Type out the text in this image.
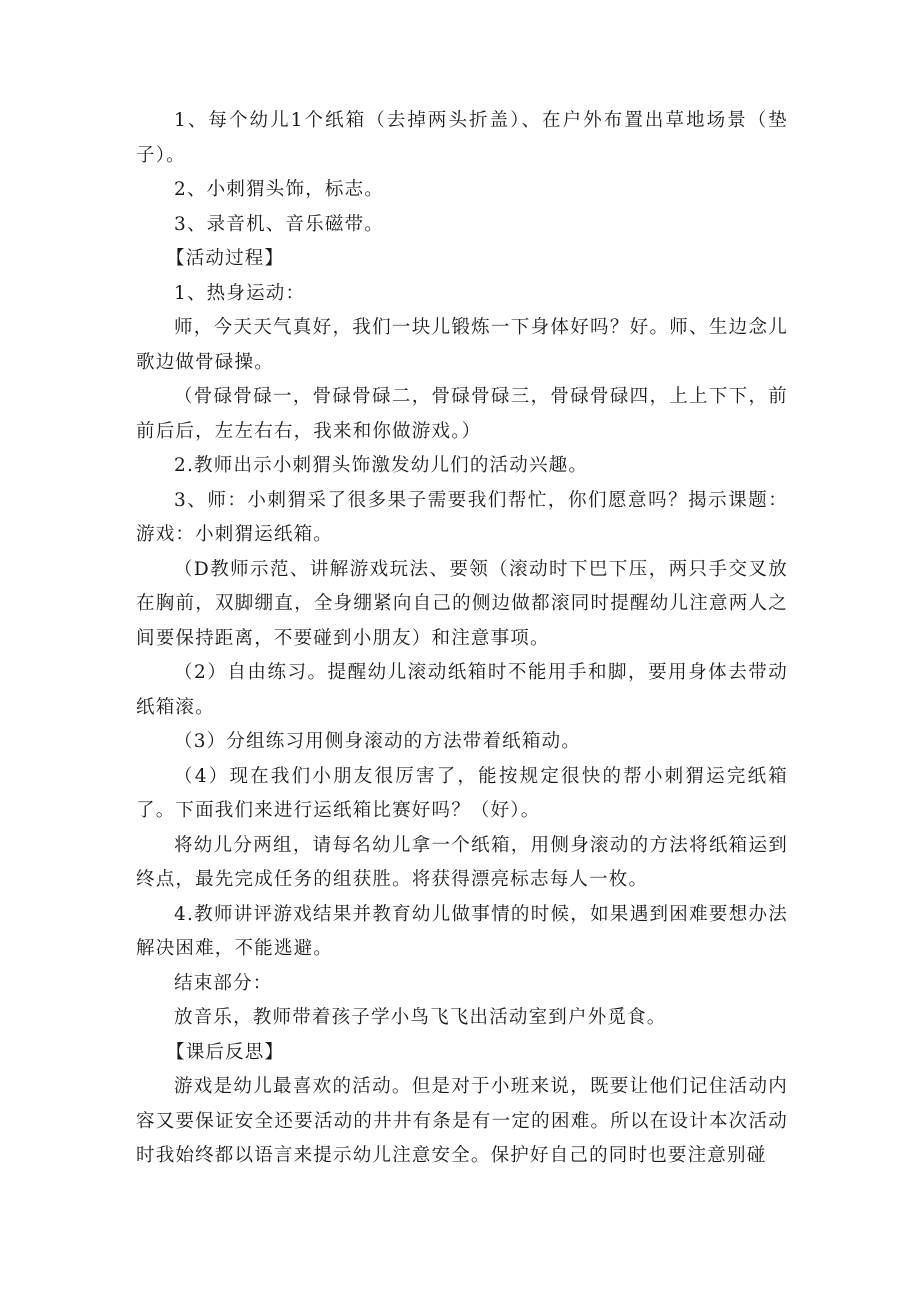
1、每个幼儿1个纸箱（去掉两头折盖）、在户外布置出草地场景（垫子）。

2、小刺猬头饰，标志。

3、录音机、音乐磁带。

【活动过程】

1、热身运动：

师，今天天气真好，我们一块儿锻炼一下身体好吗？好。师、生边念儿歌边做骨碌操。

（骨碌骨碌一，骨碌骨碌二，骨碌骨碌三，骨碌骨碌四，上上下下，前前后后，左左右右，我来和你做游戏。）

2.教师出示小刺猬头饰激发幼儿们的活动兴趣。

3、师：小刺猬采了很多果子需要我们帮忙，你们愿意吗？揭示课题：游戏：小刺猬运纸箱。

（D教师示范、讲解游戏玩法、要领（滚动时下巴下压，两只手交叉放在胸前，双脚绷直，全身绷紧向自己的侧边做都滚同时提醒幼儿注意两人之间要保持距离，不要碰到小朋友）和注意事项。

（2）自由练习。提醒幼儿滚动纸箱时不能用手和脚，要用身体去带动纸箱滚。

（3）分组练习用侧身滚动的方法带着纸箱动。

（4）现在我们小朋友很厉害了，能按规定很快的帮小刺猬运完纸箱了。下面我们来进行运纸箱比赛好吗？（好）。

将幼儿分两组，请每名幼儿拿一个纸箱，用侧身滚动的方法将纸箱运到终点，最先完成任务的组获胜。将获得漂亮标志每人一枚。

4.教师讲评游戏结果并教育幼儿做事情的时候，如果遇到困难要想办法解决困难，不能逃避。

结束部分：

放音乐，教师带着孩子学小鸟飞飞出活动室到户外觅食。

【课后反思】

游戏是幼儿最喜欢的活动。但是对于小班来说，既要让他们记住活动内容又要保证安全还要活动的井井有条是有一定的困难。所以在设计本次活动时我始终都以语言来提示幼儿注意安全。保护好自己的同时也要注意别碰
